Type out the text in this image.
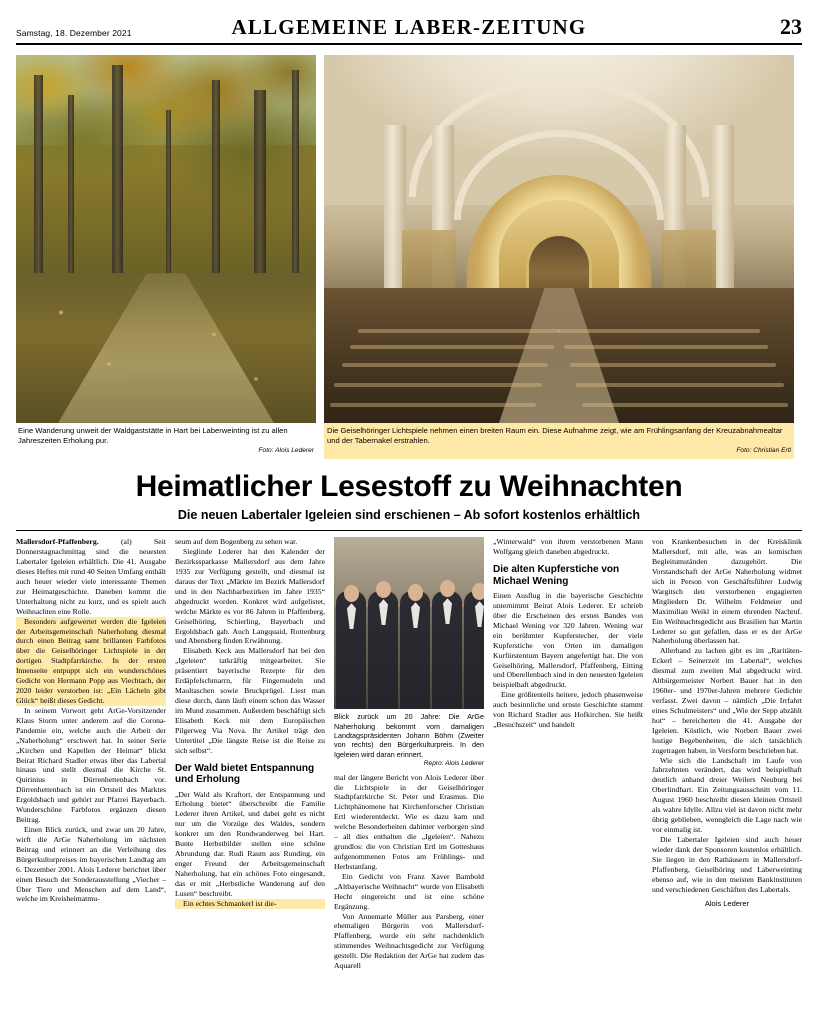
Samstag, 18. Dezember 2021	ALLGEMEINE LABER-ZEITUNG	23
Eine Wanderung unweit der Waldgaststätte in Hart bei Laberweinting ist zu allen Jahreszeiten Erholung pur.
Foto: Alois Lederer
Die Geiselhöringer Lichtspiele nehmen einen breiten Raum ein. Diese Aufnahme zeigt, wie am Frühlingsanfang der Kreuzabnahmealtar und der Tabernakel erstrahlen.
Foto: Christian Ertl
Heimatlicher Lesestoff zu Weihnachten
Die neuen Labertaler Igeleien sind erschienen – Ab sofort kostenlos erhältlich

Mallersdorf-Pfaffenberg. (al) Seit Donnerstagnachmittag sind die neuesten Labertaler Igeleien erhältlich. Die 41. Ausgabe dieses Heftes mit rund 40 Seiten Umfang enthält auch heuer wieder viele interessante Themen zur Heimatgeschichte. Daneben kommt die Unterhaltung nicht zu kurz, und es spielt auch Weihnachten eine Rolle.

Besonders aufgewertet werden die Igeleien der Arbeitsgemeinschaft Naherholung diesmal durch einen Beitrag samt brillanten Farbfotos über die Geiselhöringer Lichtspiele in der dortigen Stadtpfarrkirche. In der ersten Innenseite entpuppt sich ein wunderschönes Gedicht von Hermann Popp aus Viechtach, der 2020 leider verstorben ist: „Ein Lächeln gibt Glück“ heißt dieses Gedicht.

In seinem Vorwort geht ArGe-Vorsitzender Klaus Storm unter anderem auf die Corona-Pandemie ein, welche auch die Arbeit der „Naherholung“ erschwert hat. In seiner Serie „Kirchen und Kapellen der Heimat“ blickt Beirat Richard Stadler etwas über das Labertal hinaus und stellt diesmal die Kirche St. Quirinius in Dürrenhettenbach vor. Dürrenhettenbach ist ein Ortsteil des Marktes Ergoldsbach und gehört zur Pfarrei Bayerbach. Wunderschöne Farbfotos ergänzen diesen Beitrag.

Einen Blick zurück, und zwar um 20 Jahre, wirft die ArGe Naherholung im nächsten Beitrag und erinnert an die Verleihung des Bürgerkulturpreises im bayerischen Landtag am 6. Dezember 2001. Alois Lederer berichtet über einen Besuch der Sonderausstellung „Viecher – Über Tiere und Menschen auf dem Land“, welche im Kreisheimatmu-

seum auf dem Bogenberg zu sehen war.

Sieglinde Lederer hat den Kalender der Bezirkssparkasse Mallersdorf aus dem Jahre 1935 zur Verfügung gestellt, und diesmal ist daraus der Text „Märkte im Bezirk Mallersdorf und in den Nachbarbezirken im Jahre 1935“ abgedruckt worden. Konkret wird aufgelistet, welche Märkte es vor 86 Jahren in Pfaffenberg, Geiselhöring, Schierling, Bayerbach und Ergoldsbach gab. Auch Langquaid, Rottenburg und Abensberg finden Erwähnung.

Elisabeth Keck aus Mallersdorf hat bei den „Igeleien“ tatkräftig mitgearbeitet. Sie präsentiert bayerische Rezepte für den Erdäpfelschmarrn, für Fingernudeln und Maultaschen sowie Bruckprügel. Liest man diese durch, dann läuft einem schon das Wasser im Mund zusammen. Außerdem beschäftigt sich Elisabeth Keck mit dem Europäischen Pilgerweg Via Nova. Ihr Artikel trägt den Untertitel „Die längste Reise ist die Reise zu sich selbst“.

Der Wald bietet Entspannung und Erholung

„Der Wald als Kraftort, der Entspannung und Erholung bietet“ überschreibt die Familie Lederer ihren Artikel, und dabei geht es nicht nur um die Vorzüge des Waldes, sondern konkret um den Rundwanderweg bei Hart. Bunte Herbstbilder stellen eine schöne Abrundung dar. Rudi Raum aus Runding, ein enger Freund der Arbeitsgemeinschaft Naherholung, hat ein schönes Foto eingesandt, das er mit „Herbstliche Wanderung auf den Lusen“ beschreibt.

Ein echtes Schmankerl ist die-

Blick zurück um 20 Jahre: Die ArGe Naherholung bekommt vom damaligen Landtagspräsidenten Johann Böhm (Zweiter von rechts) den Bürgerkulturpreis. In den Igeleien wird daran erinnert.
Repro: Alois Lederer

mal der längere Bericht von Alois Lederer über die Lichtspiele in der Geiselhöringer Stadtpfarrkirche St. Peter und Erasmus. Die Lichtphänomene hat Kirchenforscher Christian Ertl wiederentdeckt. Wie es dazu kam und welche Besonderheiten dahinter verborgen sind – all dies enthalten die „Igeleien“. Nahezu grundlos: die von Christian Ertl im Gotteshaus aufgenommenen Fotos am Frühlings- und Herbstanfang.

Ein Gedicht von Franz Xaver Bambold „Altbayerische Weihnacht“ wurde von Elisabeth Hecht eingereicht und ist eine schöne Ergänzung.

Von Annemarie Müller aus Parsberg, einer ehemaligen Bürgerin von Mallersdorf-Pfaffenberg, wurde ein sehr nachdenklich stimmendes Weihnachtsgedicht zur Verfügung gestellt. Die Redaktion der ArGe hat zudem das Aquarell

„Winterwald“ von ihrem verstorbenen Mann Wolfgang gleich daneben abgedruckt.

Die alten Kupferstiche von Michael Wening

Einen Ausflug in die bayerische Geschichte unternimmt Beirat Alois Lederer. Er schrieb über die Erscheinen des ersten Bandes von Michael Wening vor 320 Jahren. Wening war ein berühmter Kupferstecher, der viele Kupferstiche von Orten im damaligen Kurfürstentum Bayern angefertigt hat. Die von Geiselhöring, Mallersdorf, Pfaffenberg, Eitting und Oberellenbach sind in den neuesten Igeleien beispielhaft abgedruckt.

Eine größtenteils heitere, jedoch phasenweise auch besinnliche und ernste Geschichte stammt von Richard Stadler aus Hofkirchen. Sie heißt „Besuchszeit“ und handelt

von Krankenbesuchen in der Kreisklinik Mallersdorf, mit alle, was an komischen Begleitumständen dazugehört. Die Vorstandschaft der ArGe Naherholung widmet sich in Person von Geschäftsführer Ludwig Wargitsch den verstorbenen engagierten Mitgliedern Dr. Wilhelm Feldmeier und Maximilian Weikl in einem ehrenden Nachruf. Ein Weihnachtsgedicht aus Brasilien hat Martin Lederer so gut gefallen, dass er es der ArGe Naherholung überlassen hat.

Allerhand zu lachen gibt es im „Raritäten-Eckerl – Seinerzeit im Labertal“, welches diesmal zum zweiten Mal abgedruckt wird. Altbürgermeister Norbert Bauer hat in den 1960er- und 1970er-Jahren mehrere Gedichte verfasst. Zwei davon – nämlich „Die Irrfahrt eines Schulmeisters“ und „Wie der Sepp abzählt hot“ – bereicherten die 41. Ausgabe der Igeleien. Köstlich, wie Norbert Bauer zwei lustige Begebenheiten, die sich tatsächlich zugetragen haben, in Versform beschrieben hat.

Wie sich die Landschaft im Laufe von Jahrzehnten verändert, das wird beispielhaft deutlich anhand dreier Weilers Neuburg bei Oberlindhart. Ein Zeitungsausschnitt vom 11. August 1960 beschreibt diesen kleinen Ortsteil als wahre Idylle. Allzu viel ist davon nicht mehr übrig geblieben, wenngleich die Lage nach wie vor einmalig ist.

Die Labertaler Igeleien sind auch heuer wieder dank der Sponsoren kostenlos erhältlich. Sie liegen in den Rathäusern in Mallersdorf-Pfaffenberg, Geiselhöring und Laberweinting ebenso auf, wie in den meisten Bankinstituten und verschiedenen Geschäften des Labertals.

Alois Lederer
